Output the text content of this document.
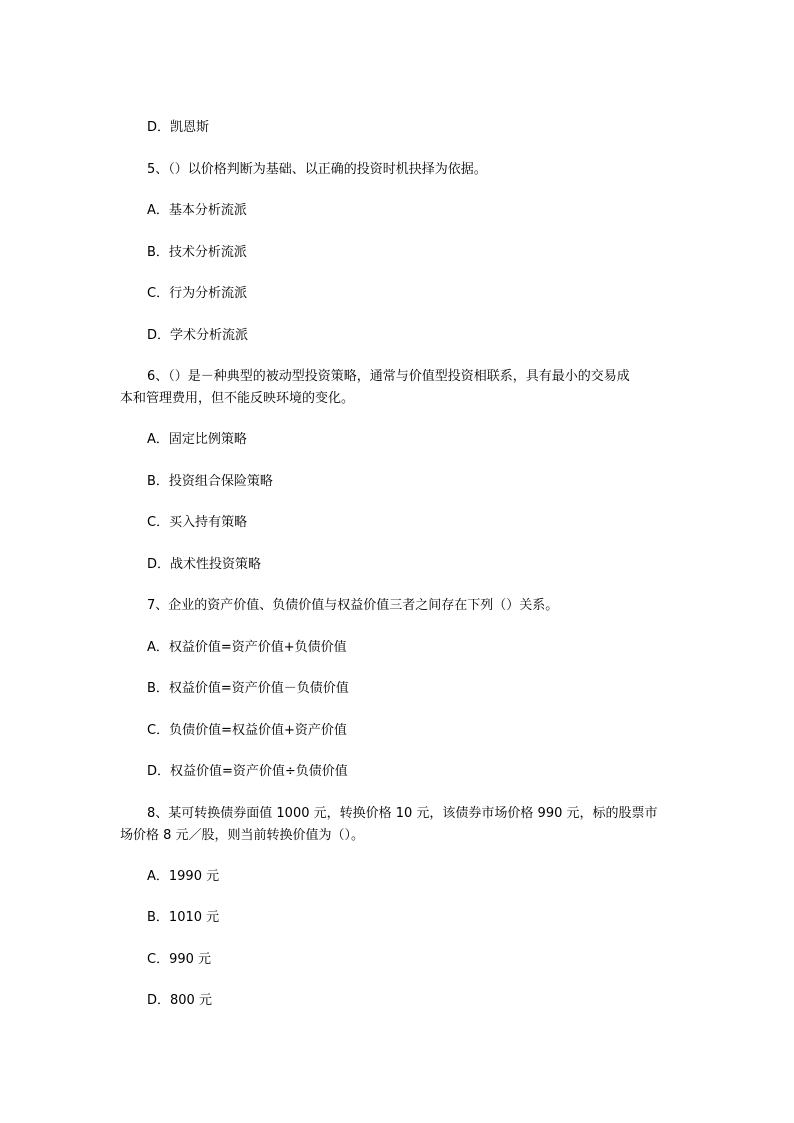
D．凯恩斯
5、（）以价格判断为基础、以正确的投资时机抉择为依据。
A．基本分析流派
B．技术分析流派
C．行为分析流派
D．学术分析流派
6、（）是－种典型的被动型投资策略，通常与价值型投资相联系，具有最小的交易成
本和管理费用，但不能反映环境的变化。
A．固定比例策略
B．投资组合保险策略
C．买入持有策略
D．战术性投资策略
7、企业的资产价值、负债价值与权益价值三者之间存在下列（）关系。
A．权益价值=资产价值+负债价值
B．权益价值=资产价值－负债价值
C．负债价值=权益价值+资产价值
D．权益价值=资产价值÷负债价值
8、某可转换债券面值 1000 元，转换价格 10 元，该债券市场价格 990 元，标的股票市
场价格 8 元／股，则当前转换价值为（）。
A．1990 元
B．1010 元
C．990 元
D．800 元
